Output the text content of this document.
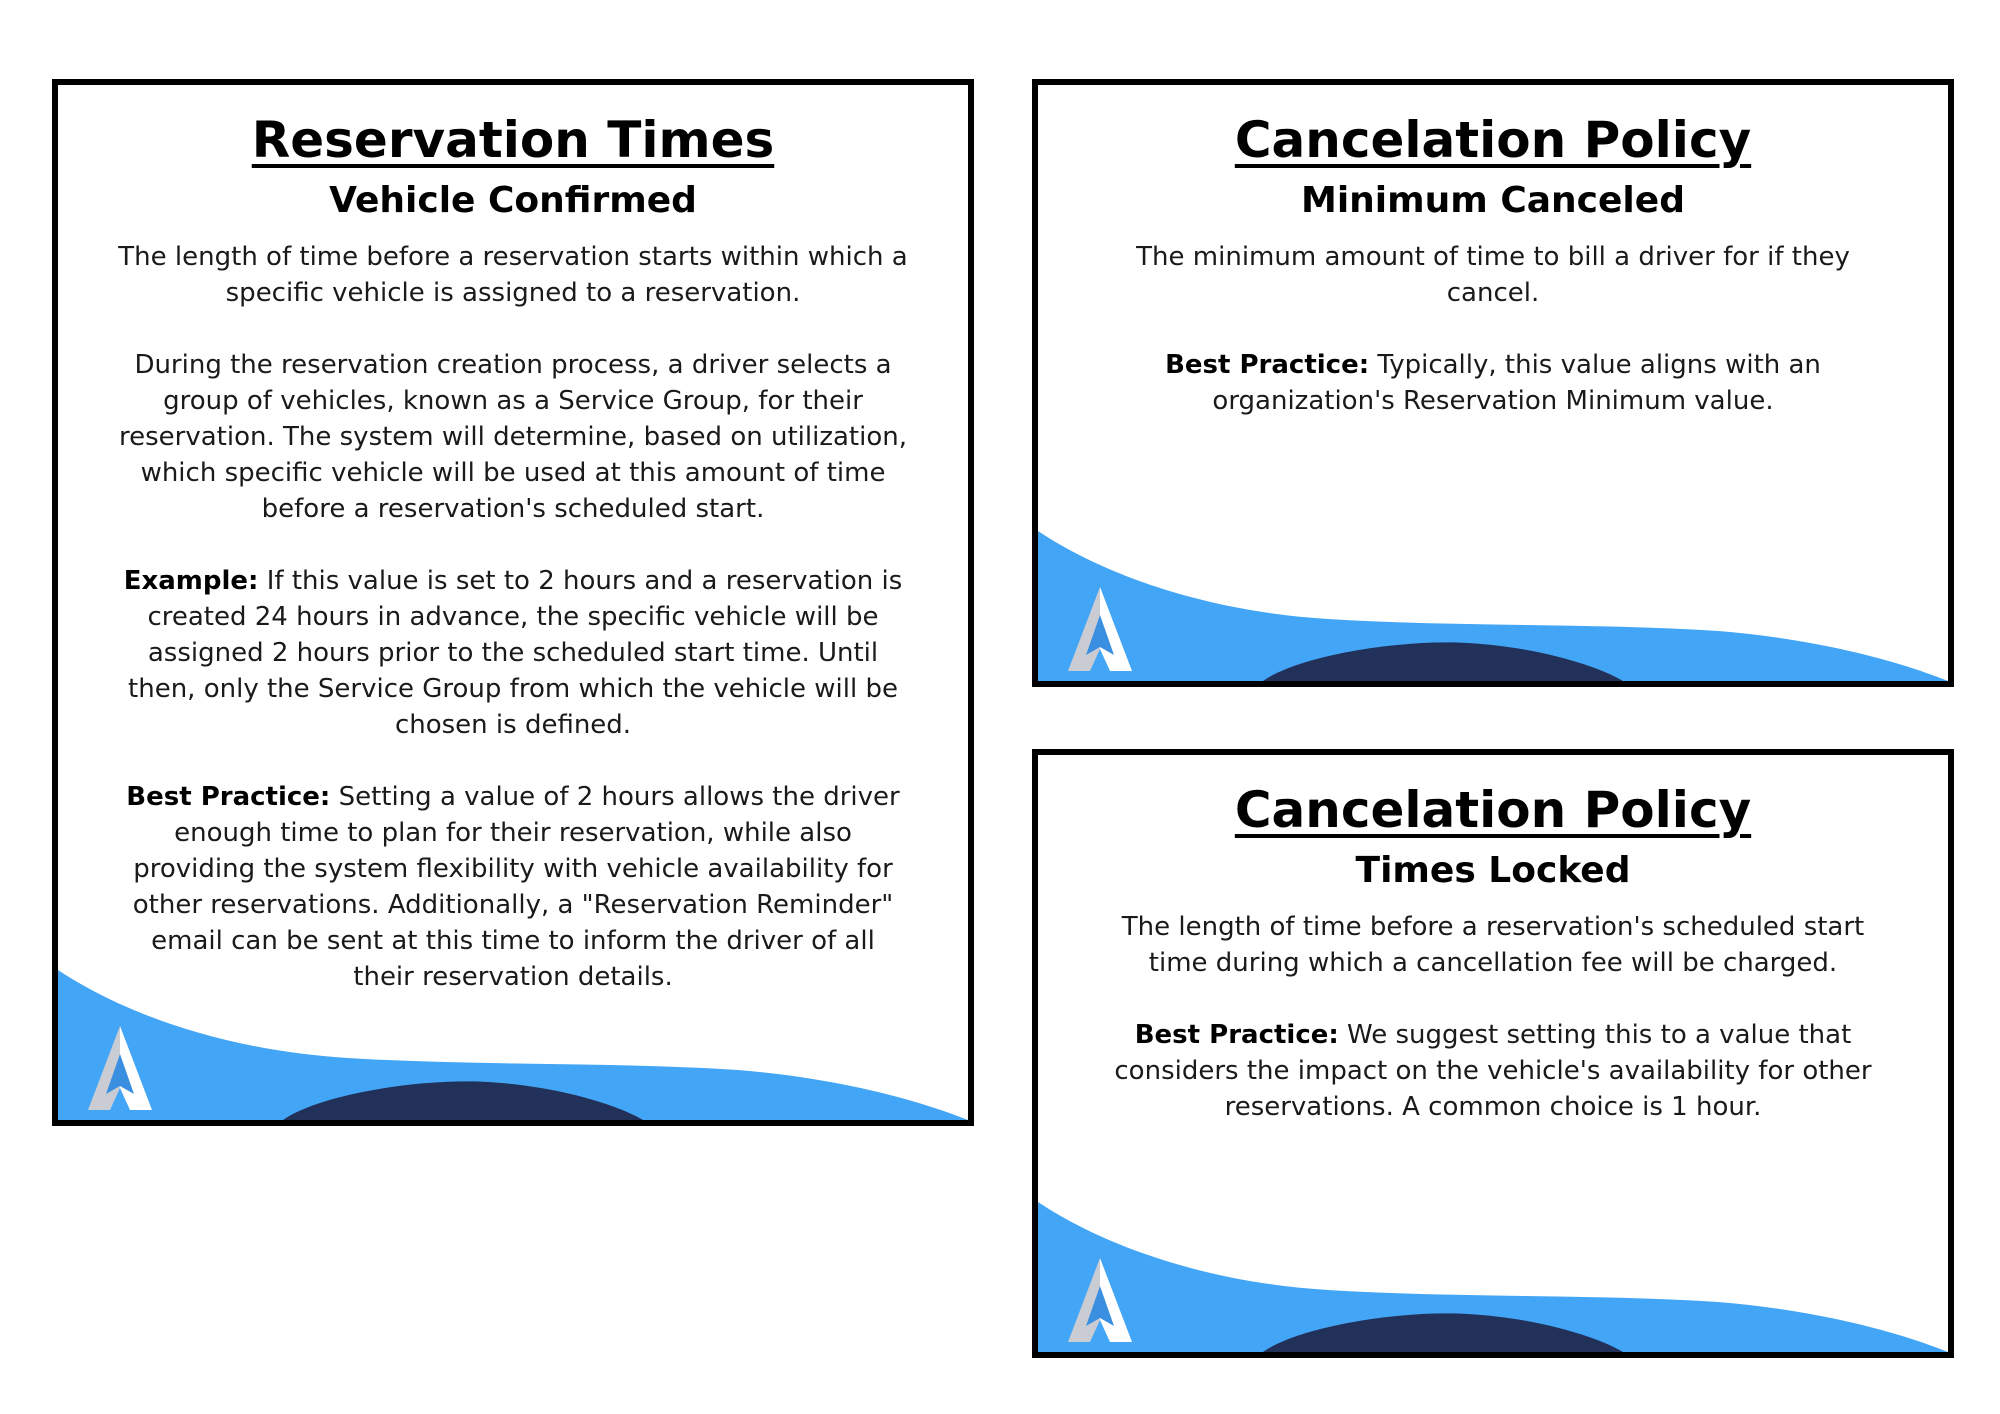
Reservation Times
Vehicle Confirmed

The length of time before a reservation starts within which a specific vehicle is assigned to a reservation.

During the reservation creation process, a driver selects a group of vehicles, known as a Service Group, for their reservation. The system will determine, based on utilization, which specific vehicle will be used at this amount of time before a reservation's scheduled start.

Example: If this value is set to 2 hours and a reservation is created 24 hours in advance, the specific vehicle will be assigned 2 hours prior to the scheduled start time. Until then, only the Service Group from which the vehicle will be chosen is defined.

Best Practice: Setting a value of 2 hours allows the driver enough time to plan for their reservation, while also providing the system flexibility with vehicle availability for other reservations. Additionally, a "Reservation Reminder" email can be sent at this time to inform the driver of all their reservation details.

Cancelation Policy
Minimum Canceled

The minimum amount of time to bill a driver for if they cancel.

Best Practice: Typically, this value aligns with an organization's Reservation Minimum value.

Cancelation Policy
Times Locked

The length of time before a reservation's scheduled start time during which a cancellation fee will be charged.

Best Practice: We suggest setting this to a value that considers the impact on the vehicle's availability for other reservations. A common choice is 1 hour.
